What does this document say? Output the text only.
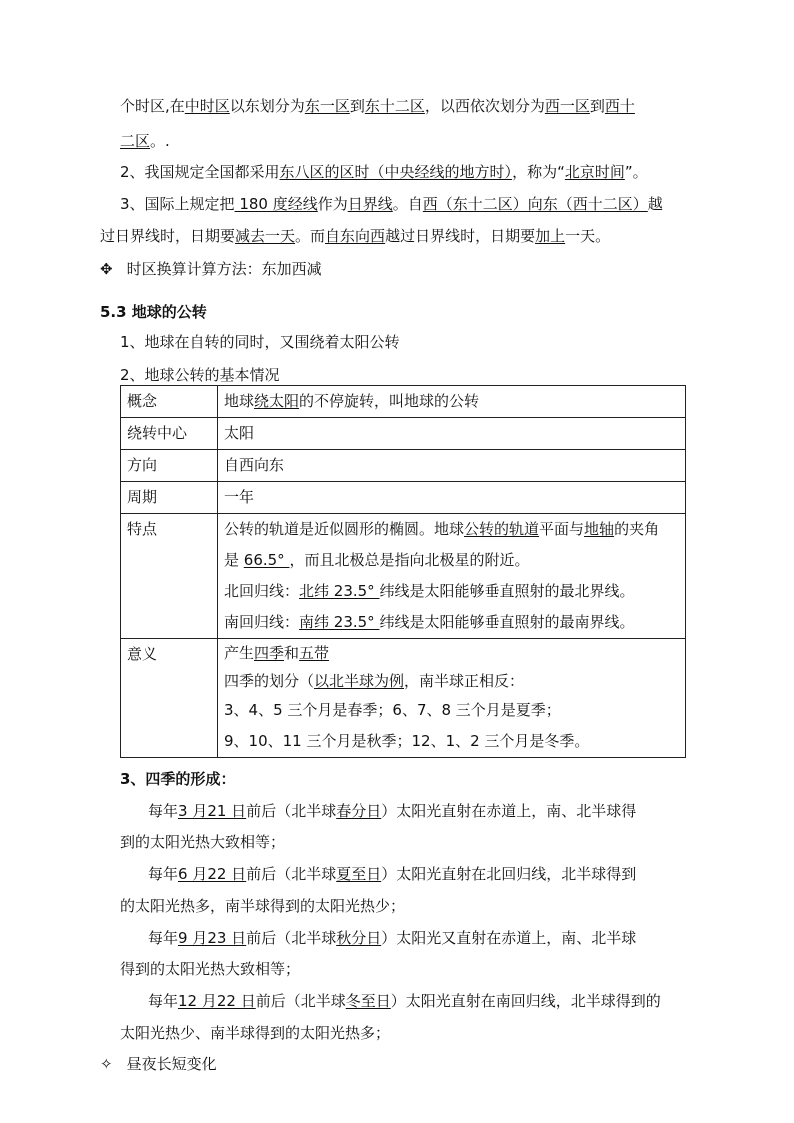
个时区,在中时区以东划分为东一区到东十二区，以西依次划分为西一区到西十
二区。.
2、我国规定全国都采用东八区的区时（中央经线的地方时），称为“北京时间”。
3、国际上规定把 180 度经线作为日界线。自西（东十二区）向东（西十二区）越
过日界线时，日期要减去一天。而自东向西越过日界线时，日期要加上一天。
✥ 时区换算计算方法：东加西减
5.3 地球的公转
1、地球在自转的同时，又围绕着太阳公转
2、地球公转的基本情况
概念	地球绕太阳的不停旋转，叫地球的公转
绕转中心	太阳
方向	自西向东
周期	一年
特点	公转的轨道是近似圆形的椭圆。地球公转的轨道平面与地轴的夹角
是 66.5° ，而且北极总是指向北极星的附近。
北回归线：北纬 23.5° 纬线是太阳能够垂直照射的最北界线。
南回归线：南纬 23.5° 纬线是太阳能够垂直照射的最南界线。

意义	产生四季和五带
四季的划分（以北半球为例，南半球正相反：
3、4、5 三个月是春季；6、7、8 三个月是夏季；
9、10、11 三个月是秋季；12、1、2 三个月是冬季。
3、四季的形成：
每年3 月21 日前后（北半球春分日）太阳光直射在赤道上，南、北半球得
到的太阳光热大致相等；
每年6 月22 日前后（北半球夏至日）太阳光直射在北回归线，北半球得到
的太阳光热多，南半球得到的太阳光热少；
每年9 月23 日前后（北半球秋分日）太阳光又直射在赤道上，南、北半球
得到的太阳光热大致相等；
每年12 月22 日前后（北半球冬至日）太阳光直射在南回归线，北半球得到的
太阳光热少、南半球得到的太阳光热多；
✧ 昼夜长短变化
